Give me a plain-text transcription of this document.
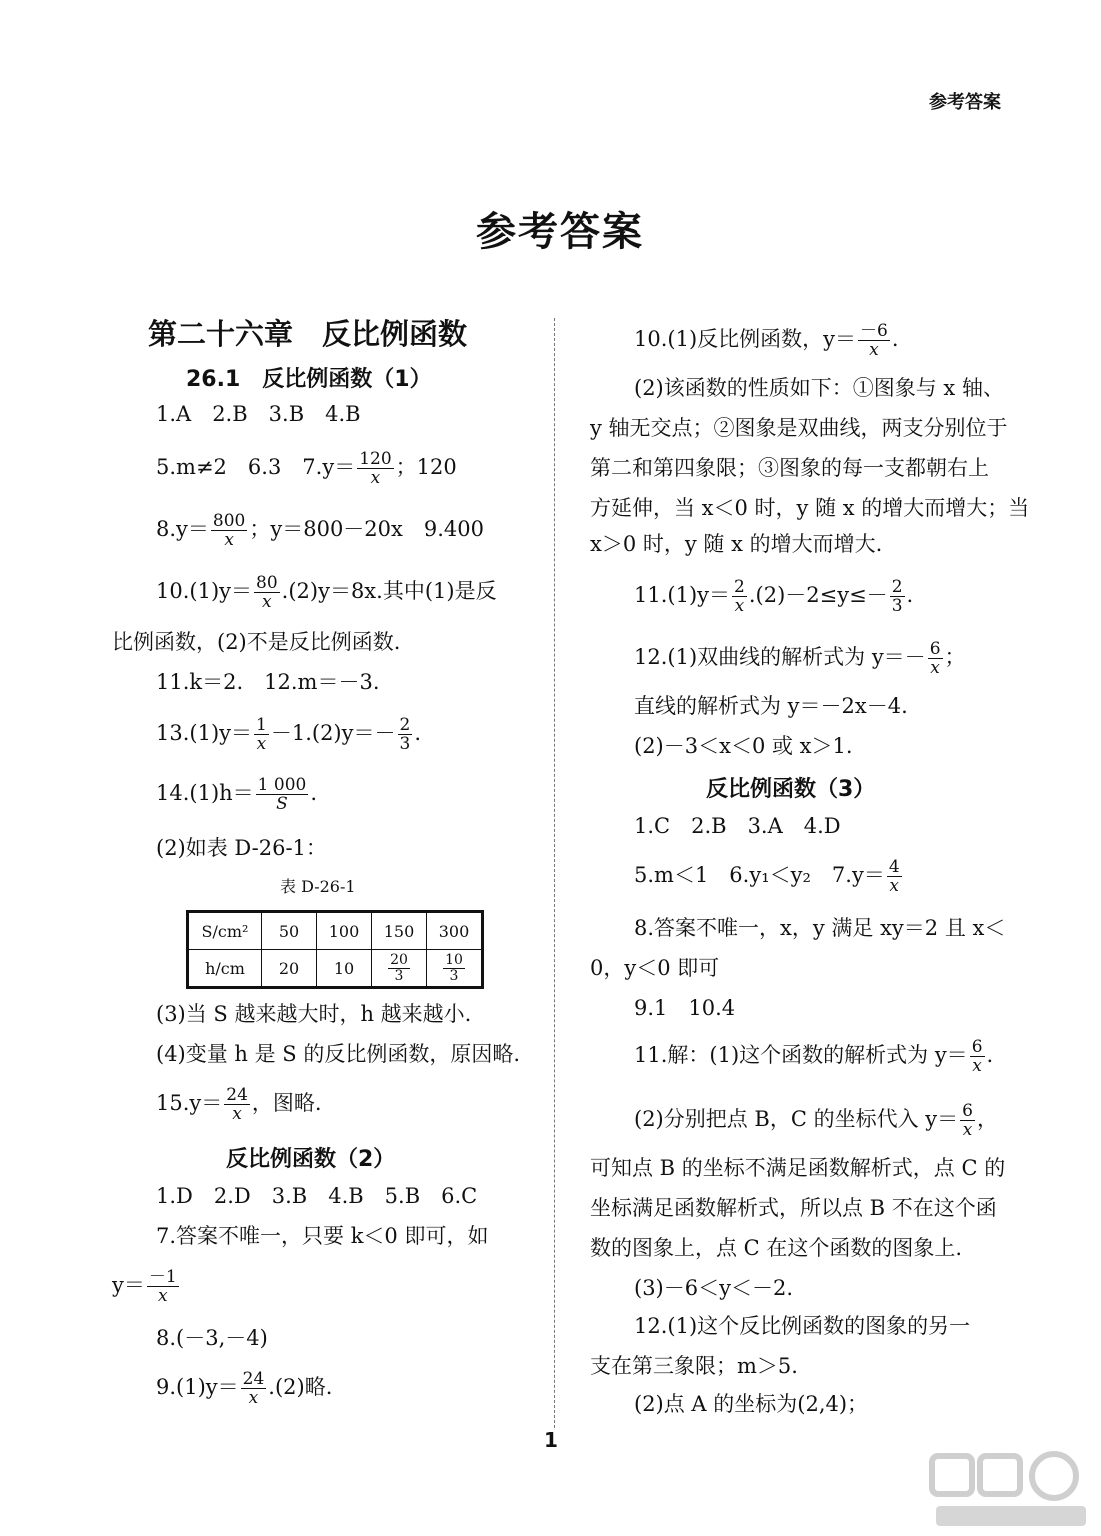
参考答案
参考答案
第二十六章　反比例函数
26.1　反比例函数（1）
1.A　2.B　3.B　4.B
5.m≠2　6.3　$7.y= \frac{120}{x}$ ；120
$8.y= \frac{800}{x}$ ；y＝800－20x　9.400
$10.(1)y= \frac{80}{x} .(2)y=8x$.其中(1)是反
比例函数，(2)不是反比例函数.
11.k＝2.　12.m＝－3.
$13.(1)y= \frac{1}{x} -1.(2)y=- \frac{2}{3}$ .
$14.(1)h= \frac{1 000}{S}$ .
(2)如表 D-26-1：
表 D-26-1
S/cm²	50	100	150	300
h/cm	20	10	$\frac{20}{3}$	$\frac{10}{3}$
(3)当 S 越来越大时，h 越来越小.
(4)变量 h 是 S 的反比例函数，原因略.
$15.y= \frac{24}{x}$ ，图略.
反比例函数（2）
1.D　2.D　3.B　4.B　5.B　6.C
7.答案不唯一，只要 k＜0 即可，如
$y= \frac{-1}{x}$
8.(－3,－4)
$9.(1)y= \frac{24}{x} .(2)$略.
10.(1)反比例函数，$y= \frac{-6}{x}$ .
(2)该函数的性质如下：①图象与 x 轴、
y 轴无交点；②图象是双曲线，两支分别位于
第二和第四象限；③图象的每一支都朝右上
方延伸，当 x＜0 时，y 随 x 的增大而增大；当
x＞0 时，y 随 x 的增大而增大.
$11.(1)y= \frac{2}{x} .(2)-2\le y\le- \frac{2}{3}$ .
12.(1)双曲线的解析式为 $y=- \frac{6}{x}$ ；
直线的解析式为 y＝－2x－4.
(2)－3＜x＜0 或 x＞1.
反比例函数（3）
1.C　2.B　3.A　4.D
5.m＜1　6.y₁＜y₂　$7.y= \frac{4}{x}$
8.答案不唯一，x，y 满足 xy＝2 且 x＜
0，y＜0 即可
9.1　10.4
11.解：(1)这个函数的解析式为 $y= \frac{6}{x}$ .
(2)分别把点 B，C 的坐标代入 $y= \frac{6}{x}$ ，
可知点 B 的坐标不满足函数解析式，点 C 的
坐标满足函数解析式，所以点 B 不在这个函
数的图象上，点 C 在这个函数的图象上.
(3)－6＜y＜－2.
12.(1)这个反比例函数的图象的另一
支在第三象限；m＞5.
(2)点 A 的坐标为(2,4)；
1
